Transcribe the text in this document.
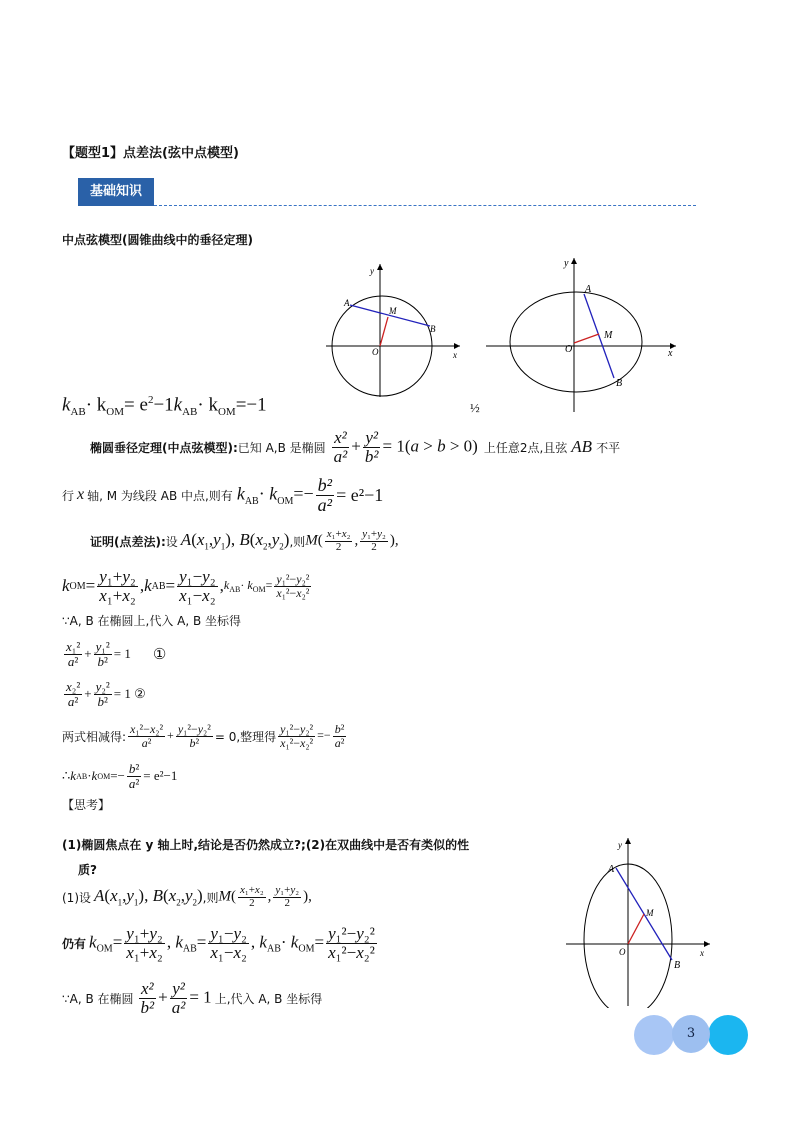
【题型1】点差法(弦中点模型)
基础知识
中点弦模型(圆锥曲线中的垂径定理)
y
x
O
A
B
M
y
x
O
A
B
M
$k_{AB}\cdot k_{OM}= e^2-1k_{AB}\cdot k_{OM}=-1$	½
椭圆垂径定理(中点弦模型): 已知 A,B 是椭圆 $\frac{\text{x²}}{\text{a²}} + \frac{\text{y²}}{\text{b²}} = 1(a > b > 0)$ 上任意2点,且弦 AB 不平
行 x 轴, M 为线段 AB 中点,则有 $k_{AB}\cdot k_{OM}=- \frac{\text{b²}}{\text{a²}} = e^2-1$
证明(点差法): 设 $A(x_1,y_1)$, $B(x_2,y_2)$ ,则 $M( \frac{\text{x₁+x₂}}{2}$ , $\frac{\text{y₁+y₂}}{2}$ ),
k OM = $\frac{\text{y₁+y₂}}{\text{x₁+x₂}}$ , k AB = $\frac{\text{y₁−y₂}}{\text{x₁−x₂}}$ , $k_{AB}\cdot k_{OM}= \frac{\text{y₁²−y₂²}}{\text{x₁²−x₂²}}$
∵A, B 在椭圆上,代入 A, B 坐标得
$\frac{\text{x₁²}}{\text{a²}} + \frac{\text{y₁²}}{\text{b²}} = 1$ ①
$\frac{\text{x₂²}}{\text{a²}} + \frac{\text{y₂²}}{\text{b²}} = 1$ ②
两式相减得: $\frac{\text{x₁²−x₂²}}{\text{a²}} + \frac{\text{y₁²−y₂²}}{\text{b²}} = 0$,整理得 $\frac{\text{y₁²−y₂²}}{\text{x₁²−x₂²}} =- \frac{\text{b²}}{\text{a²}}$
∴ k AB · k OM =− $\frac{\text{b²}}{\text{a²}} = e^2-1$
【思考】
(1)椭圆焦点在 y 轴上时,结论是否仍然成立?;(2)在双曲线中是否有类似的性
质?
(1)设 $A(x_1,y_1)$, $B(x_2,y_2)$ ,则 $M( \frac{\text{x₁+x₂}}{2}$ , $\frac{\text{y₁+y₂}}{2}$ ),
仍有 $k_{OM}= \frac{\text{y₁+y₂}}{\text{x₁+x₂}}$ , $k_{AB}= \frac{\text{y₁−y₂}}{\text{x₁−x₂}}$ , $k_{AB}\cdot k_{OM}= \frac{\text{y₁²−y₂²}}{\text{x₁²−x₂²}}$
∵A, B 在椭圆 $\frac{\text{x²}}{\text{b²}} + \frac{\text{y²}}{\text{a²}} = 1$ 上,代入 A, B 坐标得
y
x
O
A
B
M
3
